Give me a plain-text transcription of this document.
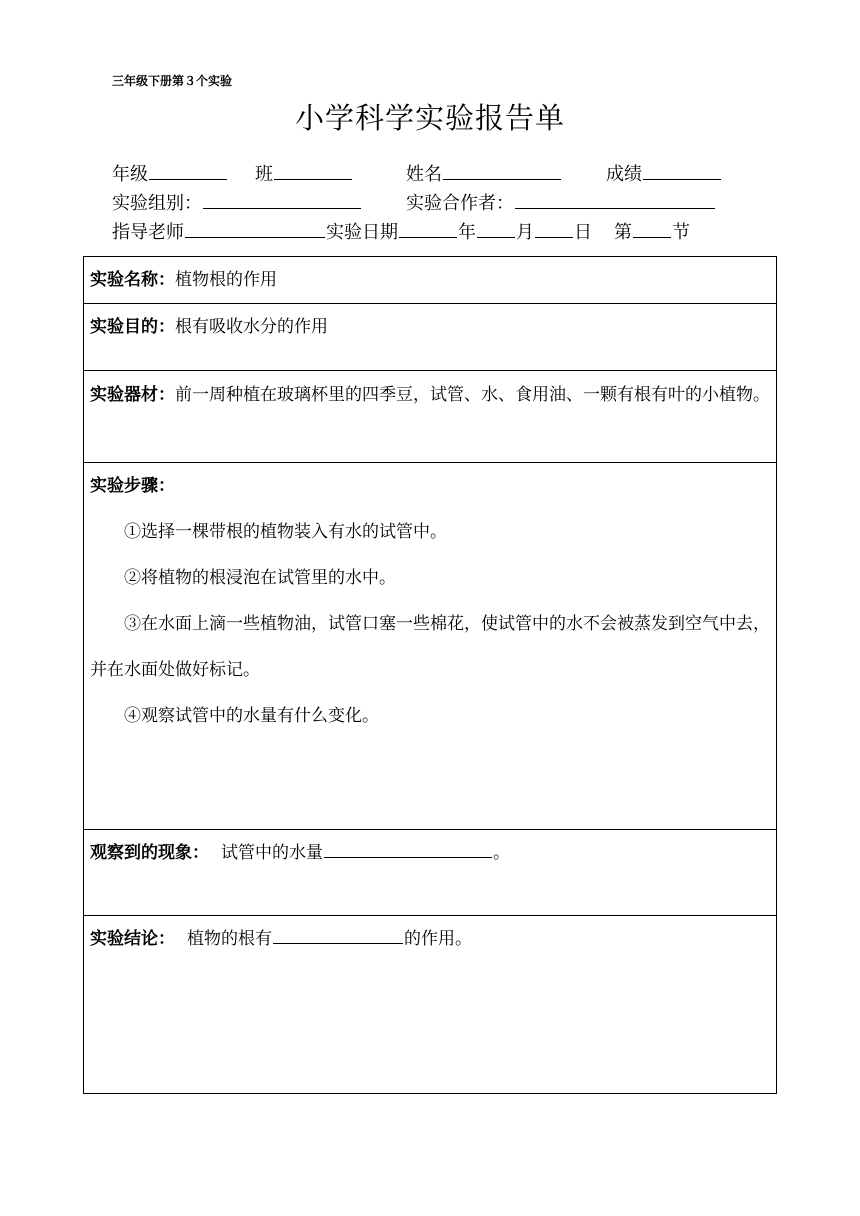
三年级下册第３个实验
小学科学实验报告单
年级	班	姓名	成绩
实验组别：	实验合作者：
指导老师	实验日期	年 月 日 第 节
实验名称：植物根的作用
实验目的：根有吸收水分的作用
实验器材：前一周种植在玻璃杯里的四季豆，试管、水、食用油、一颗有根有叶的小植物。

实验步骤：
①选择一棵带根的植物装入有水的试管中。
②将植物的根浸泡在试管里的水中。
③在水面上滴一些植物油，试管口塞一些棉花，使试管中的水不会被蒸发到空气中去，并在水面处做好标记。
④观察试管中的水量有什么变化。

观察到的现象： 试管中的水量	。
实验结论： 植物的根有	的作用。
